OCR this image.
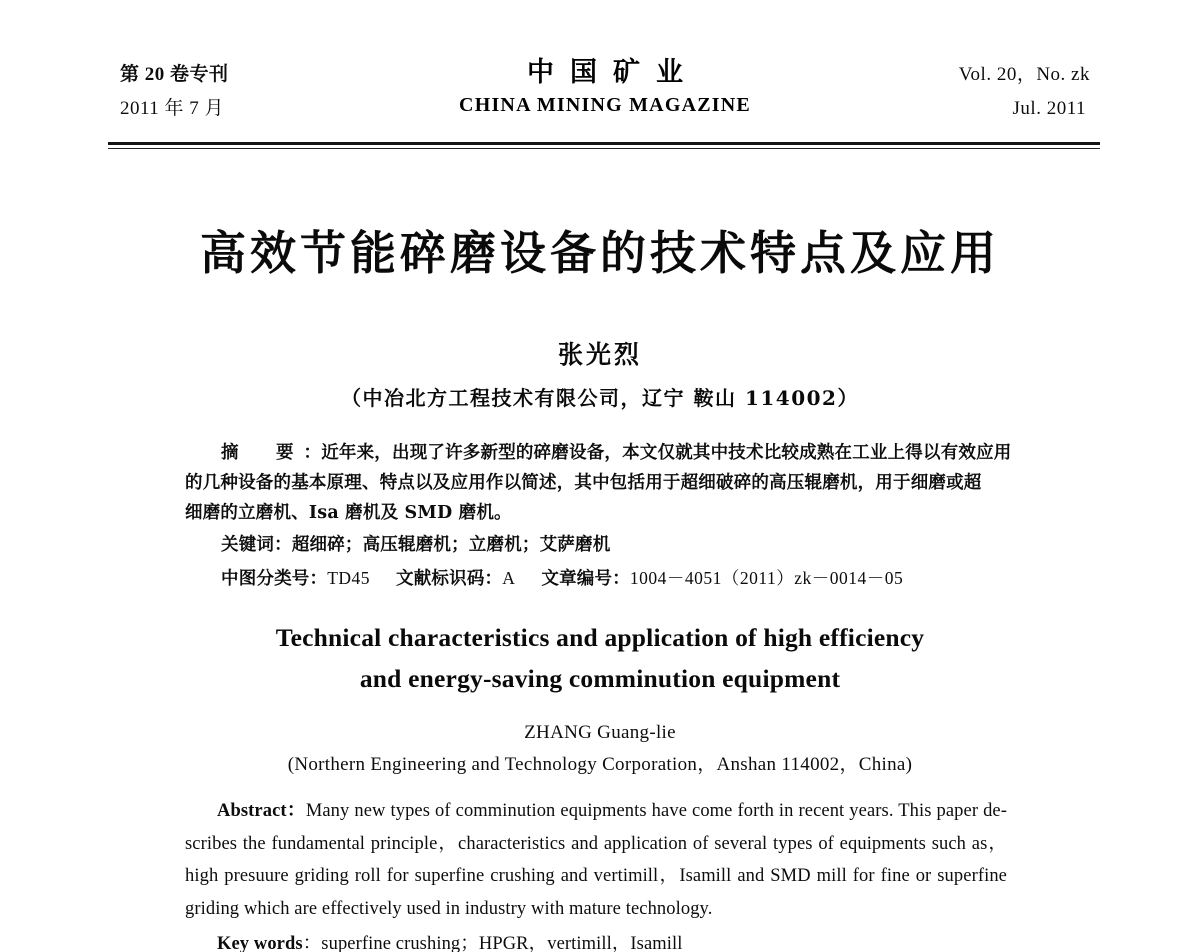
第 20 卷专刊
2011 年 7 月
中国矿业
CHINA MINING MAGAZINE
Vol. 20，No. zk
Jul. 2011
高效节能碎磨设备的技术特点及应用
张光烈
（中冶北方工程技术有限公司，辽宁 鞍山 114002）
摘　要：近年来，出现了许多新型的碎磨设备，本文仅就其中技术比较成熟在工业上得以有效应用
的几种设备的基本原理、特点以及应用作以简述，其中包括用于超细破碎的高压辊磨机，用于细磨或超
细磨的立磨机、Isa 磨机及 SMD 磨机。
关键词：超细碎；高压辊磨机；立磨机；艾萨磨机
中图分类号：TD45 文献标识码：A 文章编号：1004－4051（2011）zk－0014－05
Technical characteristics and application of high efficiency
and energy-saving comminution equipment
ZHANG Guang-lie
(Northern Engineering and Technology Corporation，Anshan 114002，China)
Abstract：Many new types of comminution equipments have come forth in recent years. This paper de-
scribes the fundamental principle，characteristics and application of several types of equipments such as，
high presuure griding roll for superfine crushing and vertimill，Isamill and SMD mill for fine or superfine
griding which are effectively used in industry with mature technology.
Key words：superfine crushing；HPGR，vertimill，Isamill
